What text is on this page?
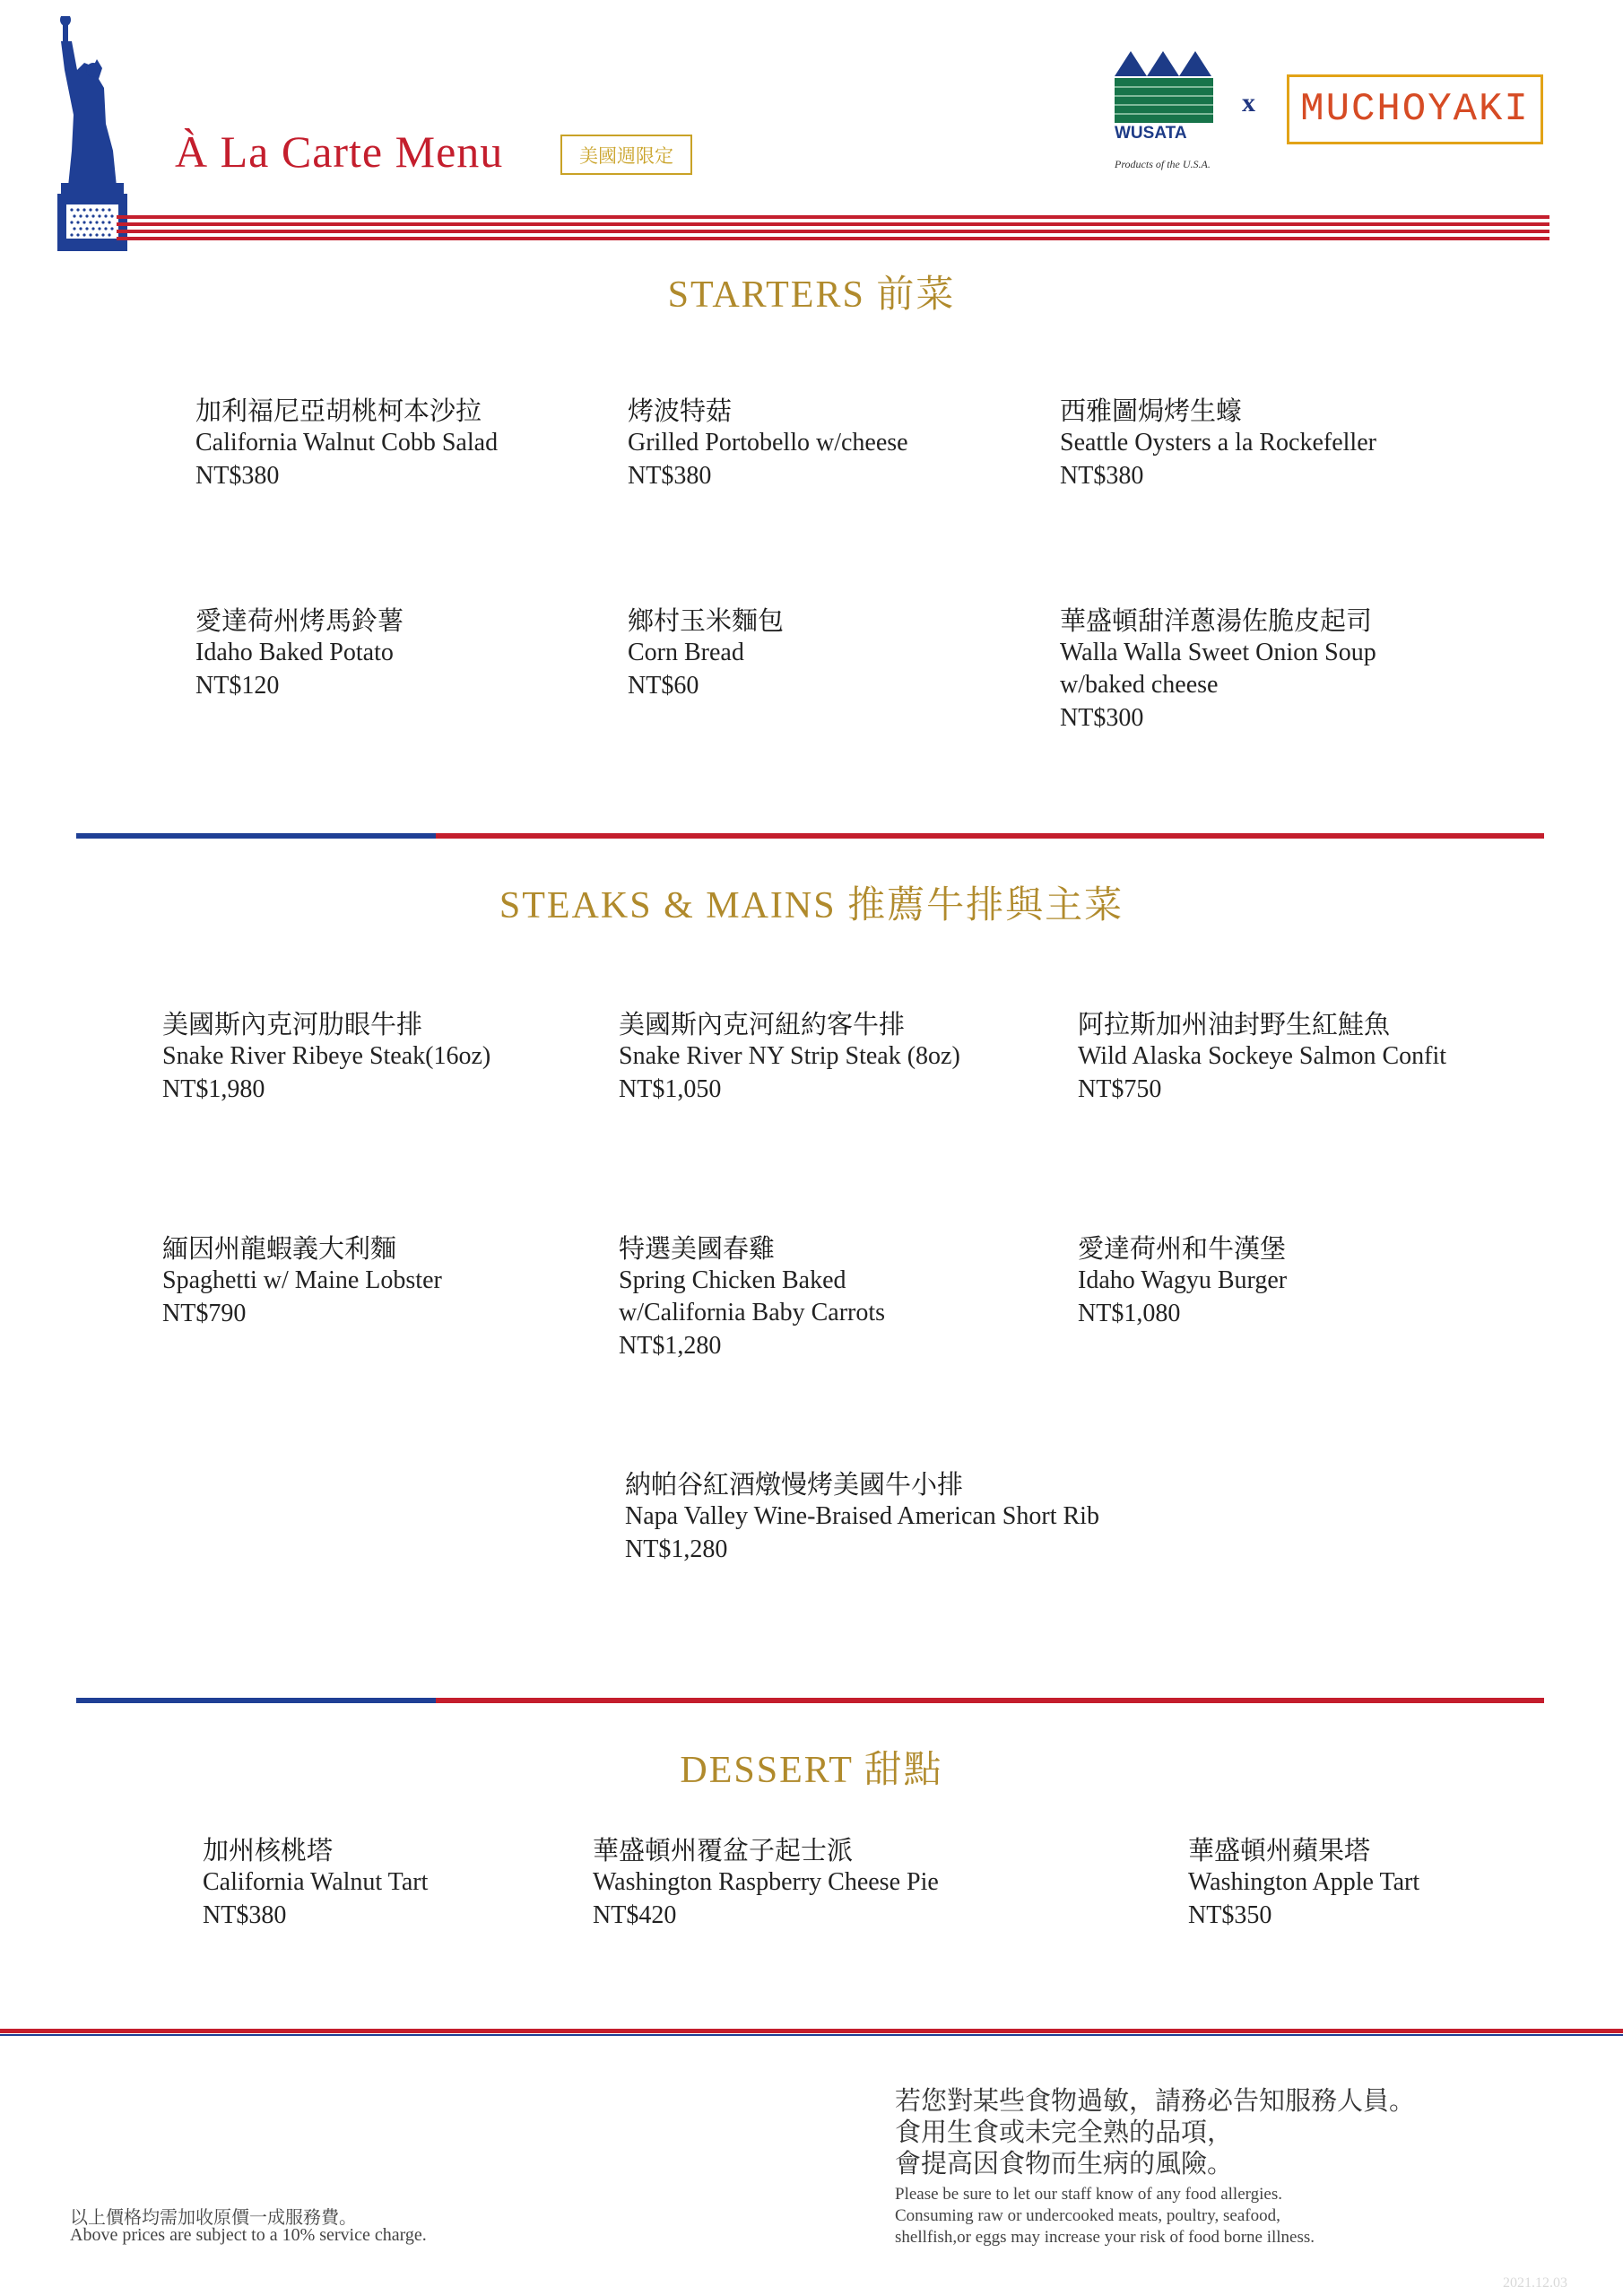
À La Carte Menu	美國週限定
WUSATA
Products of the U.S.A.
x	MUCHOYAKI
STARTERS 前菜
加利福尼亞胡桃柯本沙拉
California Walnut Cobb Salad
NT$380
烤波特菇
Grilled Portobello w/cheese
NT$380
西雅圖焗烤生蠔
Seattle Oysters a la Rockefeller
NT$380
愛達荷州烤馬鈴薯
Idaho Baked Potato
NT$120
鄉村玉米麵包
Corn Bread
NT$60
華盛頓甜洋蔥湯佐脆皮起司
Walla Walla Sweet Onion Soup
w/baked cheese
NT$300
STEAKS & MAINS 推薦牛排與主菜
美國斯內克河肋眼牛排
Snake River Ribeye Steak(16oz)
NT$1,980
美國斯內克河紐約客牛排
Snake River NY Strip Steak (8oz)
NT$1,050
阿拉斯加州油封野生紅鮭魚
Wild Alaska Sockeye Salmon Confit
NT$750
緬因州龍蝦義大利麵
Spaghetti w/ Maine Lobster
NT$790
特選美國春雞
Spring Chicken Baked
w/California Baby Carrots
NT$1,280
愛達荷州和牛漢堡
Idaho Wagyu Burger
NT$1,080
納帕谷紅酒燉慢烤美國牛小排
Napa Valley Wine-Braised American Short Rib
NT$1,280
DESSERT 甜點
加州核桃塔
California Walnut Tart
NT$380
華盛頓州覆盆子起士派
Washington Raspberry Cheese Pie
NT$420
華盛頓州蘋果塔
Washington Apple Tart
NT$350
若您對某些食物過敏，請務必告知服務人員。
食用生食或未完全熟的品項，
會提高因食物而生病的風險。
Please be sure to let our staff know of any food allergies.
Consuming raw or undercooked meats, poultry, seafood,
shellfish,or eggs may increase your risk of food borne illness.
以上價格均需加收原價一成服務費。
Above prices are subject to a 10% service charge.
2021.12.03
